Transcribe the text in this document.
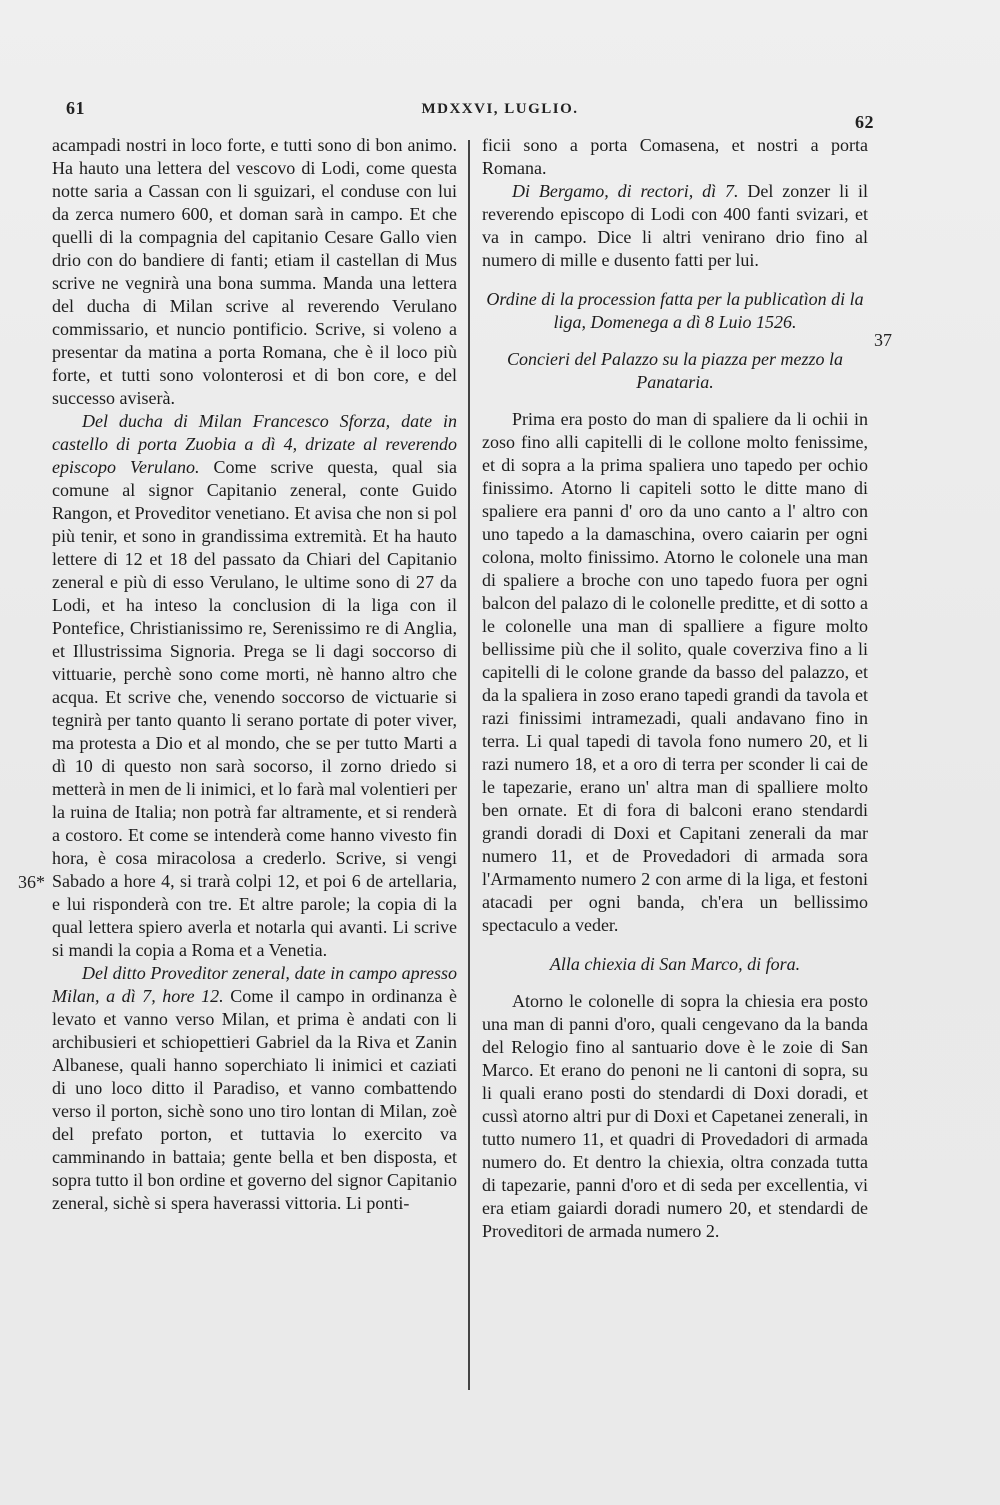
61	MDXXVI, LUGLIO.
62
36*
37

acampadi nostri in loco forte, e tutti sono di bon animo. Ha hauto una lettera del vescovo di Lodi, come questa notte saria a Cassan con li sguizari, el conduse con lui da zerca numero 600, et doman sarà in campo. Et che quelli di la compagnia del capitanio Cesare Gallo vien drio con do bandiere di fanti; etiam il castellan di Mus scrive ne vegnirà una bona summa. Manda una lettera del ducha di Milan scrive al reverendo Verulano commissario, et nuncio pontificio. Scrive, si voleno a presentar da matina a porta Romana, che è il loco più forte, et tutti sono volonterosi et di bon core, e del successo aviserà.

Del ducha di Milan Francesco Sforza, date in castello di porta Zuobia a dì 4, drizate al reverendo episcopo Verulano. Come scrive questa, qual sia comune al signor Capitanio zeneral, conte Guido Rangon, et Proveditor venetiano. Et avisa che non si pol più tenir, et sono in grandissima extremità. Et ha hauto lettere di 12 et 18 del passato da Chiari del Capitanio zeneral e più di esso Verulano, le ultime sono di 27 da Lodi, et ha inteso la conclusion di la liga con il Pontefice, Christianissimo re, Serenissimo re di Anglia, et Illustrissima Signoria. Prega se li dagi soccorso di vittuarie, perchè sono come morti, nè hanno altro che acqua. Et scrive che, venendo soccorso de victuarie si tegnirà per tanto quanto li serano portate di poter viver, ma protesta a Dio et al mondo, che se per tutto Marti a dì 10 di questo non sarà socorso, il zorno driedo si metterà in men de li inimici, et lo farà mal volentieri per la ruina de Italia; non potrà far altramente, et si renderà a costoro. Et come se intenderà come hanno vivesto fin hora, è cosa miracolosa a crederlo. Scrive, si vengi Sabado a hore 4, si trarà colpi 12, et poi 6 de artellaria, e lui risponderà con tre. Et altre parole; la copia di la qual lettera spiero averla et notarla qui avanti. Li scrive si mandi la copia a Roma et a Venetia.

Del ditto Proveditor zeneral, date in campo apresso Milan, a dì 7, hore 12. Come il campo in ordinanza è levato et vanno verso Milan, et prima è andati con li archibusieri et schiopettieri Gabriel da la Riva et Zanin Albanese, quali hanno soperchiato li inimici et caziati di uno loco ditto il Paradiso, et vanno combattendo verso il porton, sichè sono uno tiro lontan di Milan, zoè del prefato porton, et tuttavia lo exercito va camminando in battaia; gente bella et ben disposta, et sopra tutto il bon ordine et governo del signor Capitanio zeneral, sichè si spera haverassi vittoria. Li ponti-

ficii sono a porta Comasena, et nostri a porta Romana.

Di Bergamo, di rectori, dì 7. Del zonzer li il reverendo episcopo di Lodi con 400 fanti svizari, et va in campo. Dice li altri venirano drio fino al numero di mille e dusento fatti per lui.

Ordine di la procession fatta per la publicatìon di la liga, Domenega a dì 8 Luio 1526.

Concieri del Palazzo su la piazza per mezzo la Panataria.

Prima era posto do man di spaliere da li ochii in zoso fino alli capitelli di le collone molto fenissime, et di sopra a la prima spaliera uno tapedo per ochio finissimo. Atorno li capiteli sotto le ditte mano di spaliere era panni d' oro da uno canto a l' altro con uno tapedo a la damaschina, overo caiarin per ogni colona, molto finissimo. Atorno le colonele una man di spaliere a broche con uno tapedo fuora per ogni balcon del palazo di le colonelle preditte, et di sotto a le colonelle una man di spalliere a figure molto bellissime più che il solito, quale coverziva fino a li capitelli di le colone grande da basso del palazzo, et da la spaliera in zoso erano tapedi grandi da tavola et razi finissimi intramezadi, quali andavano fino in terra. Li qual tapedi di tavola fono numero 20, et li razi numero 18, et a oro di terra per sconder li cai de le tapezarie, erano un' altra man di spalliere molto ben ornate. Et di fora di balconi erano stendardi grandi doradi di Doxi et Capitani zenerali da mar numero 11, et de Provedadori di armada sora l'Armamento numero 2 con arme di la liga, et festoni atacadi per ogni banda, ch'era un bellissimo spectaculo a veder.

Alla chiexia di San Marco, di fora.

Atorno le colonelle di sopra la chiesia era posto una man di panni d'oro, quali cengevano da la banda del Relogio fino al santuario dove è le zoie di San Marco. Et erano do penoni ne li cantoni di sopra, su li quali erano posti do stendardi di Doxi doradi, et cussì atorno altri pur di Doxi et Capetanei zenerali, in tutto numero 11, et quadri di Provedadori di armada numero do. Et dentro la chiexia, oltra conzada tutta di tapezarie, panni d'oro et di seda per excellentia, vi era etiam gaiardi doradi numero 20, et stendardi de Proveditori de armada numero 2.
